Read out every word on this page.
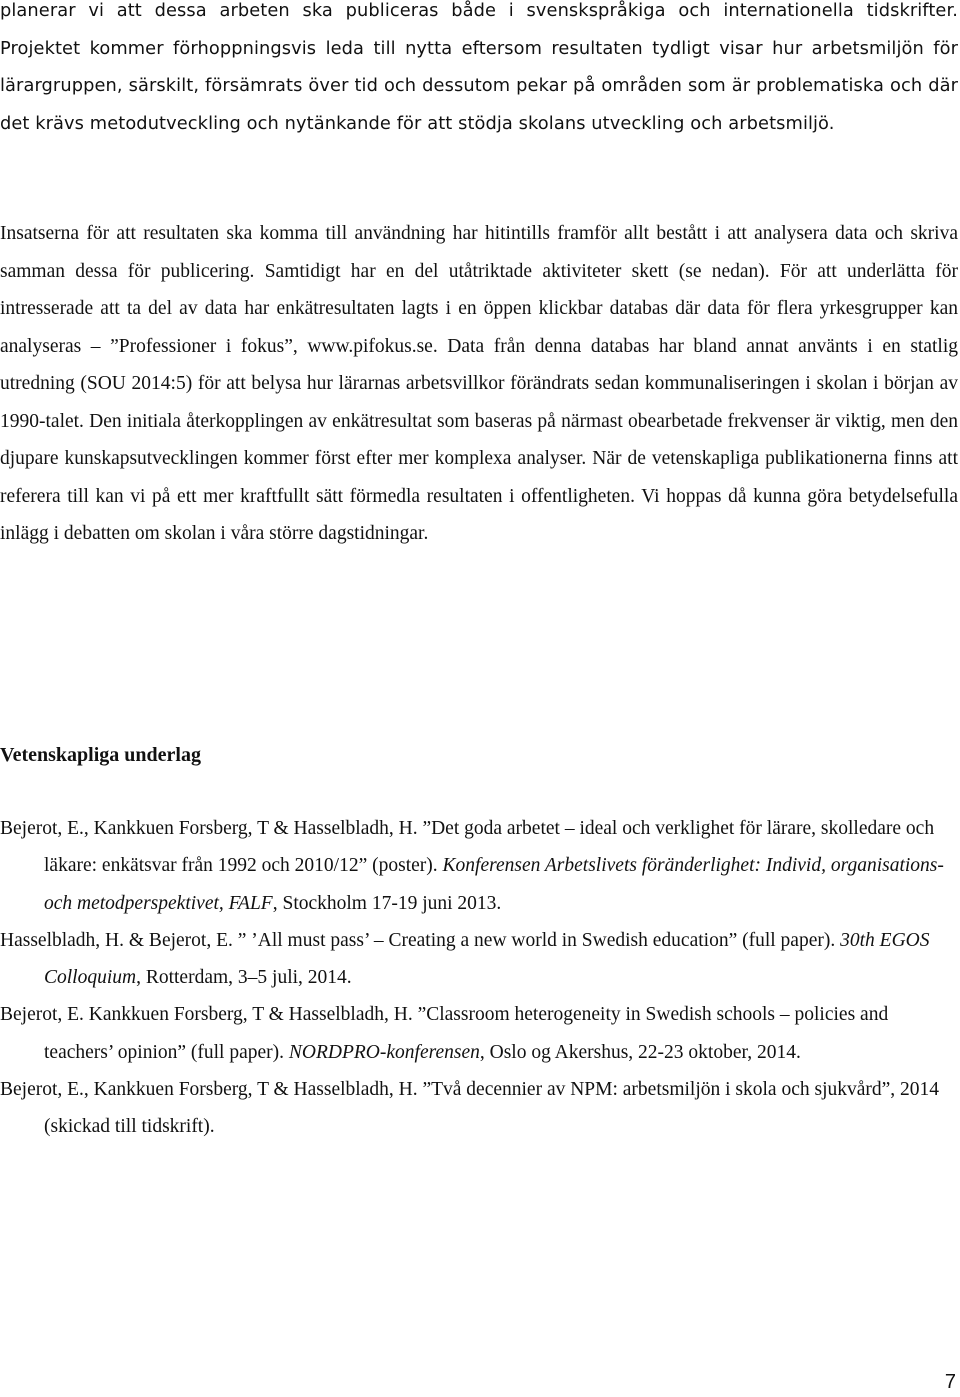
planerar vi att dessa arbeten ska publiceras både i svenskspråkiga och internationella tidskrifter. Projektet kommer förhoppningsvis leda till nytta eftersom resultaten tydligt visar hur arbetsmiljön för lärargruppen, särskilt, försämrats över tid och dessutom pekar på områden som är problematiska och där det krävs metodutveckling och nytänkande för att stödja skolans utveckling och arbetsmiljö.

Insatserna för att resultaten ska komma till användning har hitintills framför allt bestått i att analysera data och skriva samman dessa för publicering. Samtidigt har en del utåtriktade aktiviteter skett (se nedan). För att underlätta för intresserade att ta del av data har enkätresultaten lagts i en öppen klickbar databas där data för flera yrkesgrupper kan analyseras – ”Professioner i fokus”, www.pifokus.se. Data från denna databas har bland annat använts i en statlig utredning (SOU 2014:5) för att belysa hur lärarnas arbetsvillkor förändrats sedan kommunaliseringen i skolan i början av 1990-talet. Den initiala återkopplingen av enkätresultat som baseras på närmast obearbetade frekvenser är viktig, men den djupare kunskapsutvecklingen kommer först efter mer komplexa analyser. När de vetenskapliga publikationerna finns att referera till kan vi på ett mer kraftfullt sätt förmedla resultaten i offentligheten. Vi hoppas då kunna göra betydelsefulla inlägg i debatten om skolan i våra större dagstidningar.

Vetenskapliga underlag

Bejerot, E., Kankkuen Forsberg, T & Hasselbladh, H. ”Det goda arbetet – ideal och verklighet för lärare, skolledare och läkare: enkätsvar från 1992 och 2010/12” (poster). Konferensen Arbetslivets föränderlighet: Individ, organisations- och metodperspektivet, FALF, Stockholm 17-19 juni 2013.

Hasselbladh, H. & Bejerot, E. ” ’All must pass’ – Creating a new world in Swedish education” (full paper). 30th EGOS Colloquium, Rotterdam, 3–5 juli, 2014.

Bejerot, E. Kankkuen Forsberg, T & Hasselbladh, H. ”Classroom heterogeneity in Swedish schools – policies and teachers’ opinion” (full paper). NORDPRO-konferensen, Oslo og Akershus, 22-23 oktober, 2014.

Bejerot, E., Kankkuen Forsberg, T & Hasselbladh, H. ”Två decennier av NPM: arbetsmiljön i skola och sjukvård”, 2014 (skickad till tidskrift).

7
